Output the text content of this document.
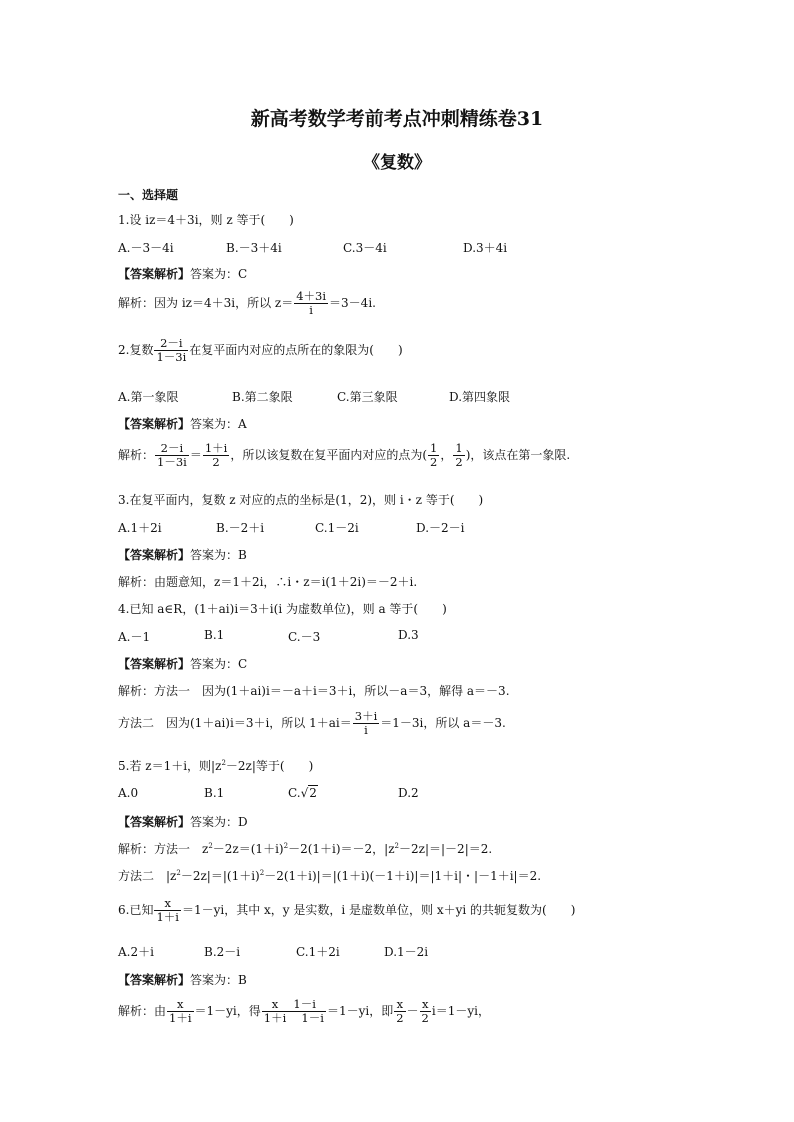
新高考数学考前考点冲刺精练卷31
《复数》
一、选择题
1.设 iz＝4＋3i，则 z 等于(　　)
A.－3－4i	B.－3＋4i	C.3－4i	D.3＋4i
【答案解析】答案为：C
解析：因为 iz＝4＋3i，所以 $z= \frac{4+3i}{i} =3-4i$.
2.复数 $\frac{2-i}{1-3i}$ 在复平面内对应的点所在的象限为(　　)
A.第一象限	B.第二象限	C.第三象限	D.第四象限
【答案解析】答案为：A
解析： $\frac{2-i}{1-3i} = \frac{1+i}{2}$ ，所以该复数在复平面内对应的点为( $\frac{1}{2}$ ， $\frac{1}{2}$ )，该点在第一象限.
3.在复平面内，复数 z 对应的点的坐标是(1，2)，则 i・z 等于(　　)
A.1＋2i	B.－2＋i	C.1－2i	D.－2－i
【答案解析】答案为：B
解析：由题意知，z＝1＋2i，∴i・z＝i(1＋2i)＝－2＋i.
4.已知 a∈R，(1＋ai)i＝3＋i(i 为虚数单位)，则 a 等于(　　)
A.－1	B.1	C.－3	D.3
【答案解析】答案为：C
解析：方法一　因为(1＋ai)i＝－a＋i＝3＋i，所以－a＝3，解得 a＝－3.
方法二　因为(1＋ai)i＝3＋i，所以 $1+ai= \frac{3+i}{i} =1-3i$，所以 a＝－3.
5.若 z＝1＋i，则$|z^2-2z|$等于(　　)
A.0	B.1	C.√2	D.2
【答案解析】答案为：D
解析：方法一　$z^2-2z=(1+i)^2-2(1+i)=-2$，$|z^2-2z|=|-2|=2$.
方法二　$|z^2-2z|=|(1+i)^2-2(1+i)|=|(1+i)(-1+i)|=|1+i|$・|－1＋i|＝2.
6.已知 $\frac{x}{1+i} =1-yi$，其中 x，y 是实数，i 是虚数单位，则 x＋yi 的共轭复数为(　　)
A.2＋i	B.2－i	C.1＋2i	D.1－2i
【答案解析】答案为：B
解析：由 $\frac{x}{1+i} =1-yi$，得 $\frac{x 1-i}{1+i 1-i} =1-yi$，即 $\frac{x}{2} - \frac{x}{2} i=1-yi$，
